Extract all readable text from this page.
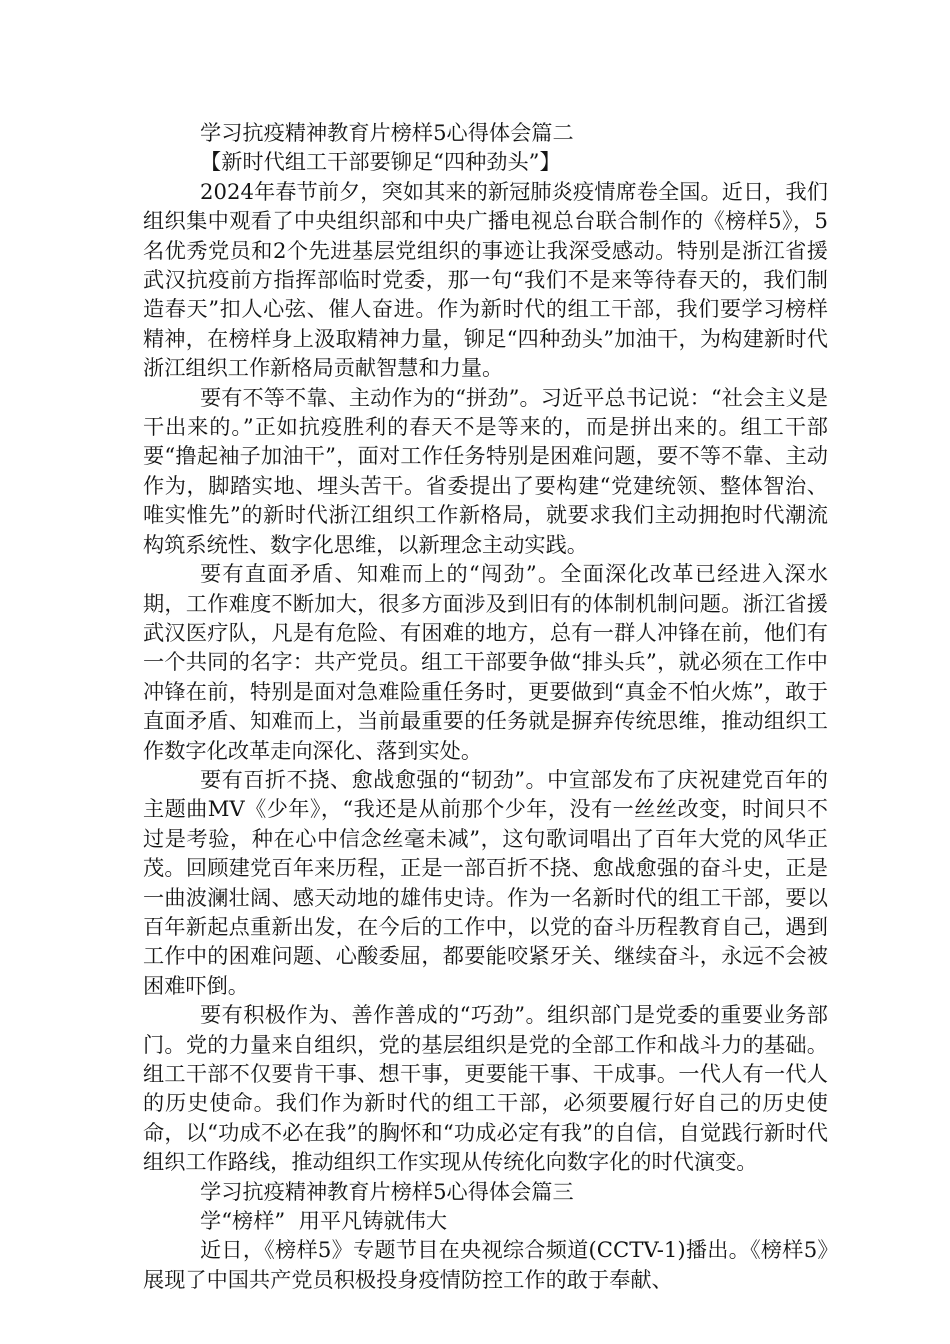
学习抗疫精神教育片榜样5心得体会篇二

【新时代组工干部要铆足“四种劲头”】

2024年春节前夕，突如其来的新冠肺炎疫情席卷全国。近日，我们组织集中观看了中央组织部和中央广播电视总台联合制作的《榜样5》，5名优秀党员和2个先进基层党组织的事迹让我深受感动。特别是浙江省援武汉抗疫前方指挥部临时党委，那一句“我们不是来等待春天的，我们制造春天”扣人心弦、催人奋进。作为新时代的组工干部，我们要学习榜样精神，在榜样身上汲取精神力量，铆足“四种劲头”加油干，为构建新时代浙江组织工作新格局贡献智慧和力量。

要有不等不靠、主动作为的“拼劲”。习近平总书记说：“社会主义是干出来的。”正如抗疫胜利的春天不是等来的，而是拼出来的。组工干部要“撸起袖子加油干”，面对工作任务特别是困难问题，要不等不靠、主动作为，脚踏实地、埋头苦干。省委提出了要构建“党建统领、整体智治、唯实惟先”的新时代浙江组织工作新格局，就要求我们主动拥抱时代潮流构筑系统性、数字化思维，以新理念主动实践。

要有直面矛盾、知难而上的“闯劲”。全面深化改革已经进入深水期，工作难度不断加大，很多方面涉及到旧有的体制机制问题。浙江省援武汉医疗队，凡是有危险、有困难的地方，总有一群人冲锋在前，他们有一个共同的名字：共产党员。组工干部要争做“排头兵”，就必须在工作中冲锋在前，特别是面对急难险重任务时，更要做到“真金不怕火炼”，敢于直面矛盾、知难而上，当前最重要的任务就是摒弃传统思维，推动组织工作数字化改革走向深化、落到实处。

要有百折不挠、愈战愈强的“韧劲”。中宣部发布了庆祝建党百年的主题曲MV《少年》，“我还是从前那个少年，没有一丝丝改变，时间只不过是考验，种在心中信念丝毫未减”，这句歌词唱出了百年大党的风华正茂。回顾建党百年来历程，正是一部百折不挠、愈战愈强的奋斗史，正是一曲波澜壮阔、感天动地的雄伟史诗。作为一名新时代的组工干部，要以百年新起点重新出发，在今后的工作中，以党的奋斗历程教育自己，遇到工作中的困难问题、心酸委屈，都要能咬紧牙关、继续奋斗，永远不会被困难吓倒。

要有积极作为、善作善成的“巧劲”。组织部门是党委的重要业务部门。党的力量来自组织，党的基层组织是党的全部工作和战斗力的基础。组工干部不仅要肯干事、想干事，更要能干事、干成事。一代人有一代人的历史使命。我们作为新时代的组工干部，必须要履行好自己的历史使命，以“功成不必在我”的胸怀和“功成必定有我”的自信，自觉践行新时代组织工作路线，推动组织工作实现从传统化向数字化的时代演变。

学习抗疫精神教育片榜样5心得体会篇三

学“榜样”  用平凡铸就伟大

近日，《榜样5》专题节目在央视综合频道(CCTV-1)播出。《榜样5》展现了中国共产党员积极投身疫情防控工作的敢于奉献、
